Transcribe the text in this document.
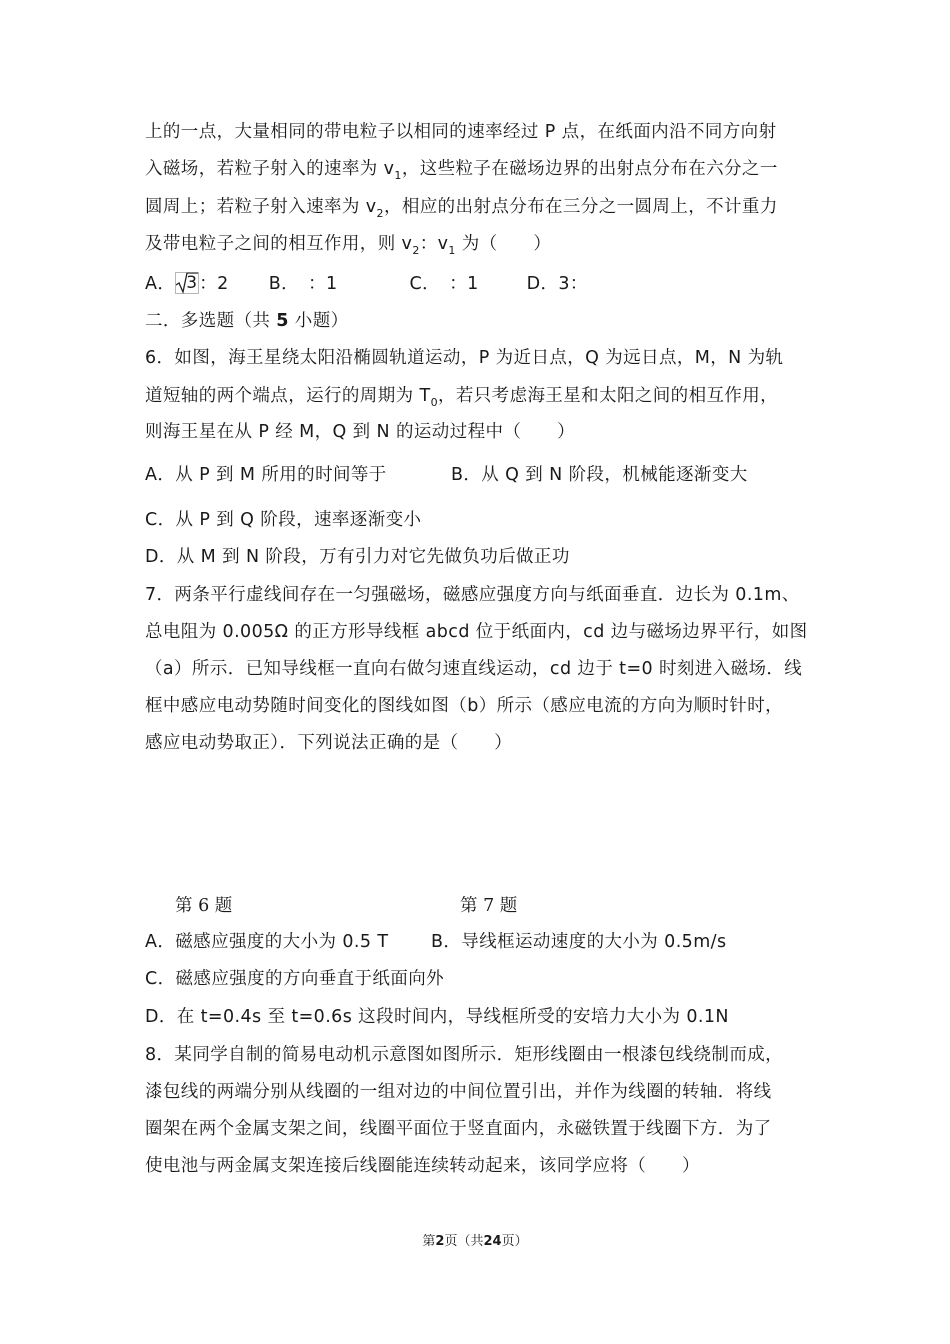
上的一点，大量相同的带电粒子以相同的速率经过 P 点，在纸面内沿不同方向射
入磁场，若粒子射入的速率为 $v_1$，这些粒子在磁场边界的出射点分布在六分之一
圆周上；若粒子射入速率为 $v_2$，相应的出射点分布在三分之一圆周上，不计重力
及带电粒子之间的相互作用，则 $v_2$：$v_1$ 为（　　）
A． 3 ：2 B．　：1	C．　：1	D．3：
二．多选题（共 5 小题）
6．如图，海王星绕太阳沿椭圆轨道运动，P 为近日点，Q 为远日点，M，N 为轨
道短轴的两个端点，运行的周期为 $T_0$，若只考虑海王星和太阳之间的相互作用，
则海王星在从 P 经 M，Q 到 N 的运动过程中（　　）
A．从 P 到 M 所用的时间等于	B．从 Q 到 N 阶段，机械能逐渐变大
C．从 P 到 Q 阶段，速率逐渐变小
D．从 M 到 N 阶段，万有引力对它先做负功后做正功
7．两条平行虚线间存在一匀强磁场，磁感应强度方向与纸面垂直．边长为 0.1m、
总电阻为 0.005Ω 的正方形导线框 abcd 位于纸面内，cd 边与磁场边界平行，如图
（a）所示．已知导线框一直向右做匀速直线运动，cd 边于 t=0 时刻进入磁场．线
框中感应电动势随时间变化的图线如图（b）所示（感应电流的方向为顺时针时，
感应电动势取正）．下列说法正确的是（　　）
第 6 题	第 7 题
A．磁感应强度的大小为 0.5 T B．导线框运动速度的大小为 0.5m/s
C．磁感应强度的方向垂直于纸面向外
D．在 t=0.4s 至 t=0.6s 这段时间内，导线框所受的安培力大小为 0.1N
8．某同学自制的简易电动机示意图如图所示．矩形线圈由一根漆包线绕制而成，
漆包线的两端分别从线圈的一组对边的中间位置引出，并作为线圈的转轴．将线
圈架在两个金属支架之间，线圈平面位于竖直面内，永磁铁置于线圈下方．为了
使电池与两金属支架连接后线圈能连续转动起来，该同学应将（　　）
第2页（共24页）
